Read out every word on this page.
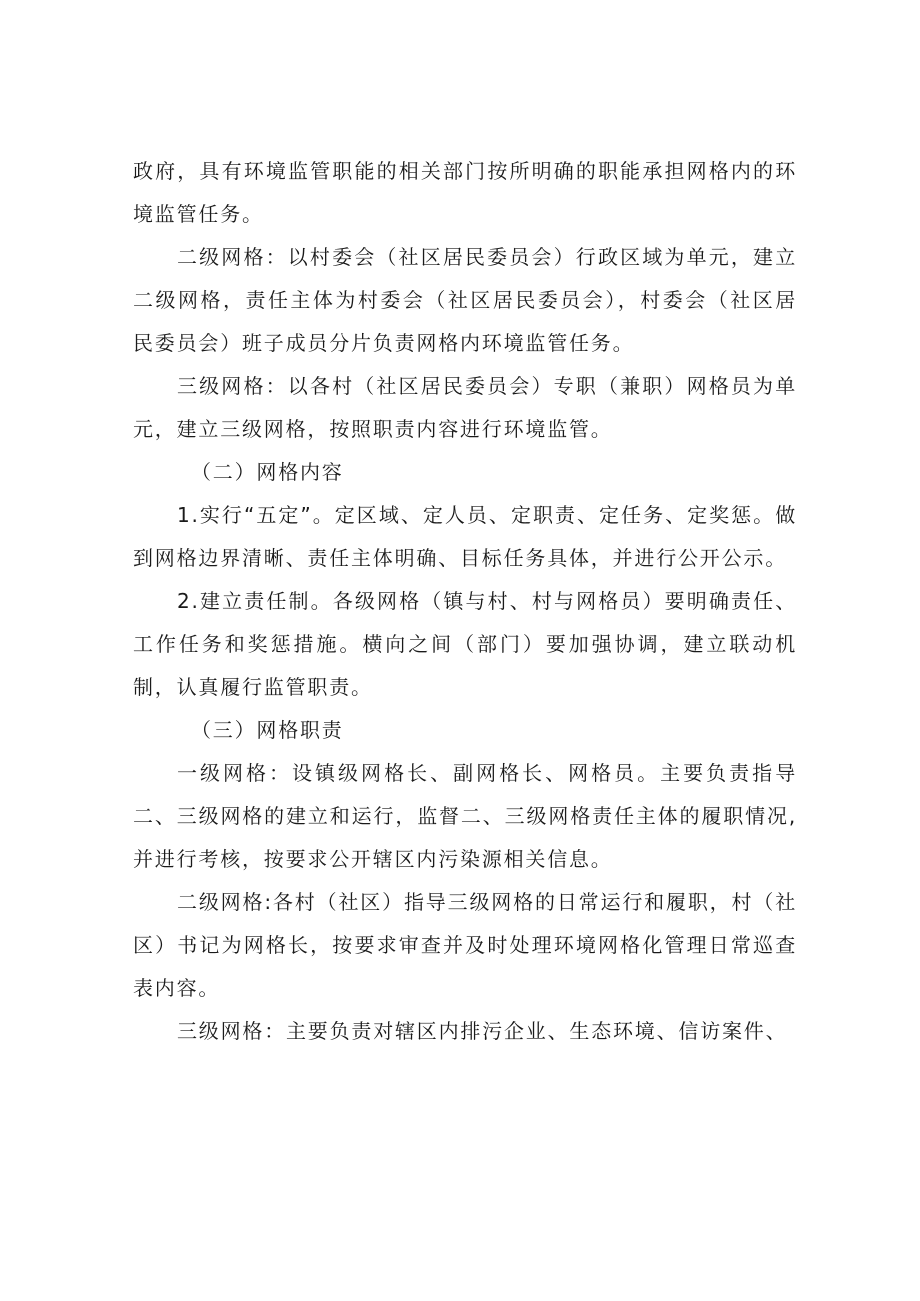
政府，具有环境监管职能的相关部门按所明确的职能承担网格内的环境监管任务。

二级网格：以村委会（社区居民委员会）行政区域为单元，建立二级网格，责任主体为村委会（社区居民委员会），村委会（社区居民委员会）班子成员分片负责网格内环境监管任务。

三级网格：以各村（社区居民委员会）专职（兼职）网格员为单元，建立三级网格，按照职责内容进行环境监管。

（二）网格内容

1.实行“五定”。定区域、定人员、定职责、定任务、定奖惩。做到网格边界清晰、责任主体明确、目标任务具体，并进行公开公示。

2.建立责任制。各级网格（镇与村、村与网格员）要明确责任、工作任务和奖惩措施。横向之间（部门）要加强协调，建立联动机制，认真履行监管职责。

（三）网格职责

一级网格：设镇级网格长、副网格长、网格员。主要负责指导二、三级网格的建立和运行，监督二、三级网格责任主体的履职情况,并进行考核，按要求公开辖区内污染源相关信息。

二级网格:各村（社区）指导三级网格的日常运行和履职，村（社区）书记为网格长，按要求审查并及时处理环境网格化管理日常巡查表内容。

三级网格：主要负责对辖区内排污企业、生态环境、信访案件、
